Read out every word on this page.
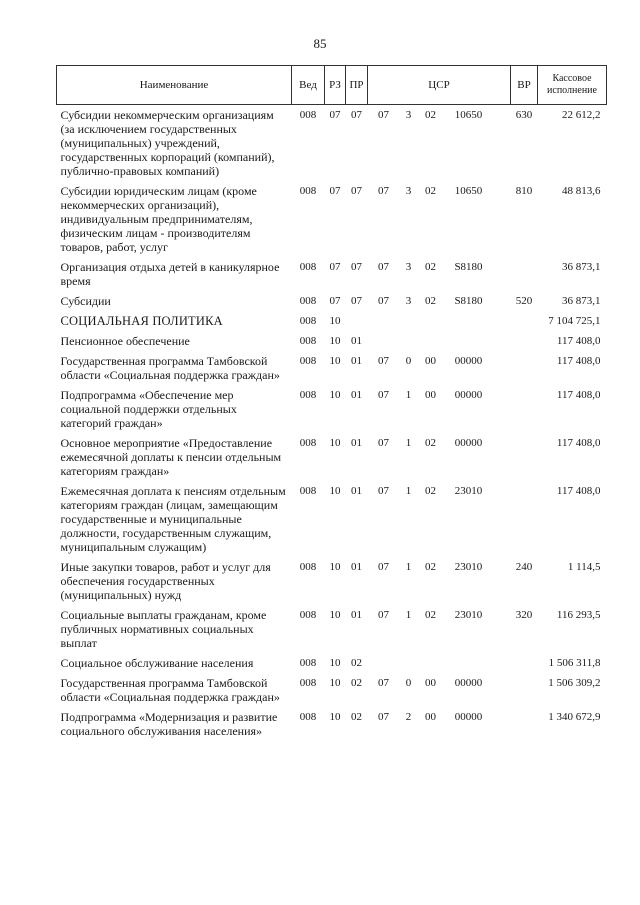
85
Наименование	Вед	РЗ	ПР	ЦСР	ВР	Кассовое исполнение
Субсидии некоммерческим организациям (за исключением государственных (муниципальных) учреждений, государственных корпораций (компаний), публично-правовых компаний)	008	07	07	07 3 02 10650	630	22 612,2
Субсидии юридическим лицам (кроме некоммерческих организаций), индивидуальным предпринимателям, физическим лицам - производителям товаров, работ, услуг	008	07	07	07 3 02 10650	810	48 813,6
Организация отдыха детей в каникулярное время	008	07	07	07 3 02 S8180		36 873,1
Субсидии	008	07	07	07 3 02 S8180	520	36 873,1
СОЦИАЛЬНАЯ ПОЛИТИКА	008	10				7 104 725,1
Пенсионное обеспечение	008	10	01			117 408,0
Государственная программа Тамбовской области «Социальная поддержка граждан»	008	10	01	07 0 00 00000		117 408,0
Подпрограмма «Обеспечение мер социальной поддержки отдельных категорий граждан»	008	10	01	07 1 00 00000		117 408,0
Основное мероприятие «Предоставление ежемесячной доплаты к пенсии отдельным категориям граждан»	008	10	01	07 1 02 00000		117 408,0
Ежемесячная доплата к пенсиям отдельным категориям граждан (лицам, замещающим государственные и муниципальные должности, государственным служащим, муниципальным служащим)	008	10	01	07 1 02 23010		117 408,0
Иные закупки товаров, работ и услуг для обеспечения государственных (муниципальных) нужд	008	10	01	07 1 02 23010	240	1 114,5
Социальные выплаты гражданам, кроме публичных нормативных социальных выплат	008	10	01	07 1 02 23010	320	116 293,5
Социальное обслуживание населения	008	10	02			1 506 311,8
Государственная программа Тамбовской области «Социальная поддержка граждан»	008	10	02	07 0 00 00000		1 506 309,2
Подпрограмма «Модернизация и развитие социального обслуживания населения»	008	10	02	07 2 00 00000		1 340 672,9
